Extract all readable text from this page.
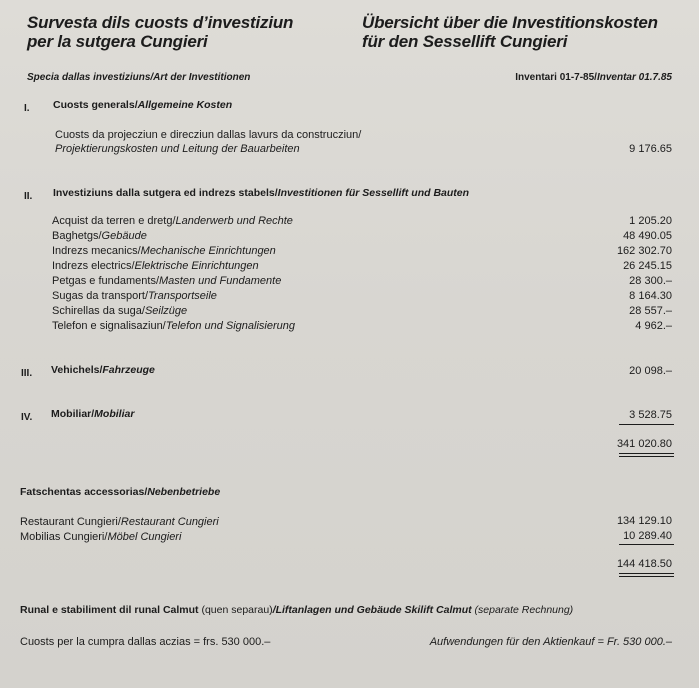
Survesta dils cuosts d’investiziun
per la sutgera Cungieri
Übersicht über die Investitionskosten
für den Sessellift Cungieri
Specia dallas investiziuns/Art der Investitionen	Inventari 01-7-85/Inventar 01.7.85
I. Cuosts generals/Allgemeine Kosten
Cuosts da projecziun e direcziun dallas lavurs da construcziun/
Projektierungskosten und Leitung der Bauarbeiten	9 176.65
II. Investiziuns dalla sutgera ed indrezs stabels/Investitionen für Sessellift und Bauten
Acquist da terren e dretg/Landerwerb und Rechte	1 205.20
Baghetgs/Gebäude	48 490.05
Indrezs mecanics/Mechanische Einrichtungen	162 302.70
Indrezs electrics/Elektrische Einrichtungen	26 245.15
Petgas e fundaments/Masten und Fundamente	28 300.–
Sugas da transport/Transportseile	8 164.30
Schirellas da suga/Seilzüge	28 557.–
Telefon e signalisaziun/Telefon und Signalisierung	4 962.–
III. Vehichels/Fahrzeuge	20 098.–
IV. Mobiliar/Mobiliar	3 528.75
341 020.80
Fatschentas accessorias/Nebenbetriebe
Restaurant Cungieri/Restaurant Cungieri	134 129.10
Mobilias Cungieri/Möbel Cungieri	10 289.40
144 418.50
Runal e stabiliment dil runal Calmut (quen separau)/Liftanlagen und Gebäude Skilift Calmut (separate Rechnung)
Cuosts per la cumpra dallas aczias = frs. 530 000.–	Aufwendungen für den Aktienkauf = Fr. 530 000.–
